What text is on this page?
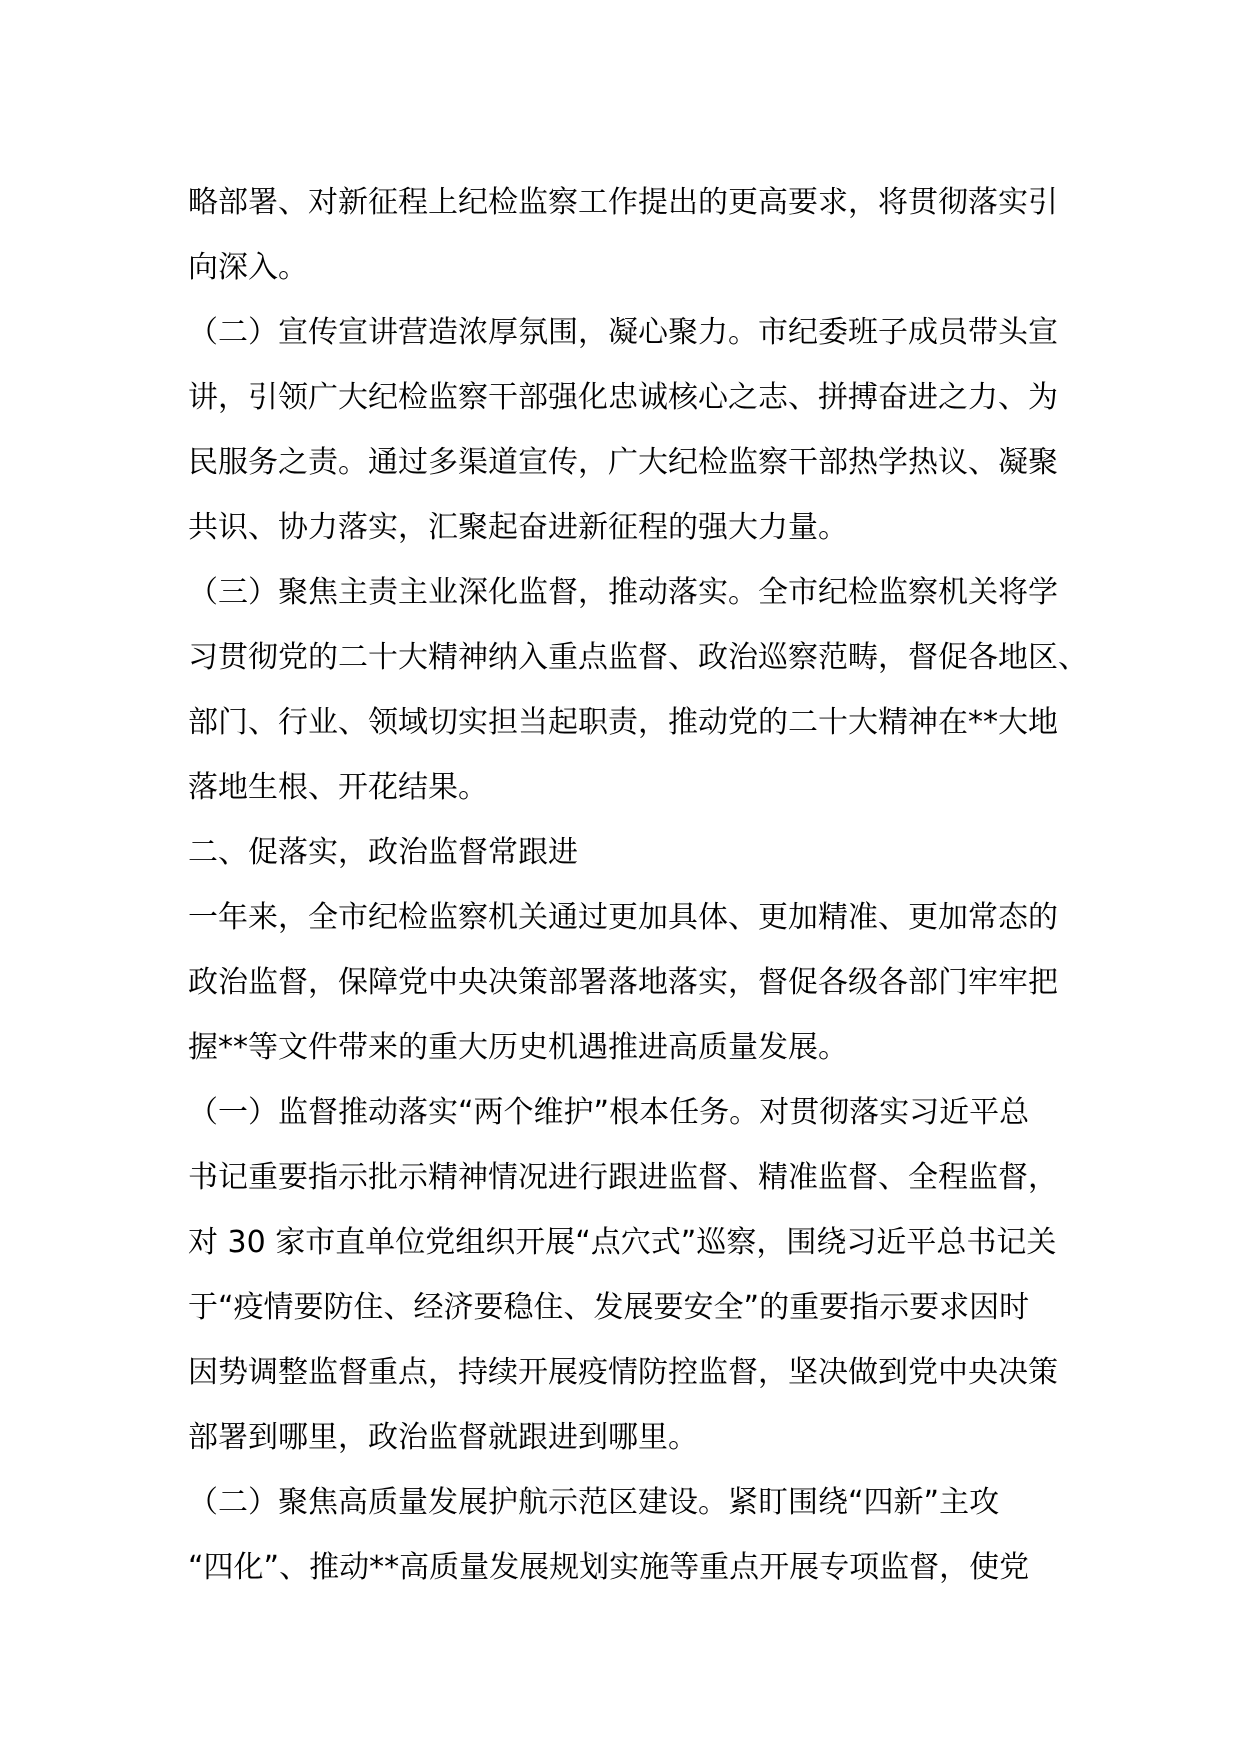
略部署、对新征程上纪检监察工作提出的更高要求，将贯彻落实引
向深入。
（二）宣传宣讲营造浓厚氛围，凝心聚力。市纪委班子成员带头宣
讲，引领广大纪检监察干部强化忠诚核心之志、拼搏奋进之力、为
民服务之责。通过多渠道宣传，广大纪检监察干部热学热议、凝聚
共识、协力落实，汇聚起奋进新征程的强大力量。
（三）聚焦主责主业深化监督，推动落实。全市纪检监察机关将学
习贯彻党的二十大精神纳入重点监督、政治巡察范畴，督促各地区、
部门、行业、领域切实担当起职责，推动党的二十大精神在**大地
落地生根、开花结果。
二、促落实，政治监督常跟进
一年来，全市纪检监察机关通过更加具体、更加精准、更加常态的
政治监督，保障党中央决策部署落地落实，督促各级各部门牢牢把
握**等文件带来的重大历史机遇推进高质量发展。
（一）监督推动落实“两个维护”根本任务。对贯彻落实习近平总
书记重要指示批示精神情况进行跟进监督、精准监督、全程监督，
对 30 家市直单位党组织开展“点穴式”巡察，围绕习近平总书记关
于“疫情要防住、经济要稳住、发展要安全”的重要指示要求因时
因势调整监督重点，持续开展疫情防控监督，坚决做到党中央决策
部署到哪里，政治监督就跟进到哪里。
（二）聚焦高质量发展护航示范区建设。紧盯围绕“四新”主攻
“四化”、推动**高质量发展规划实施等重点开展专项监督，使党
